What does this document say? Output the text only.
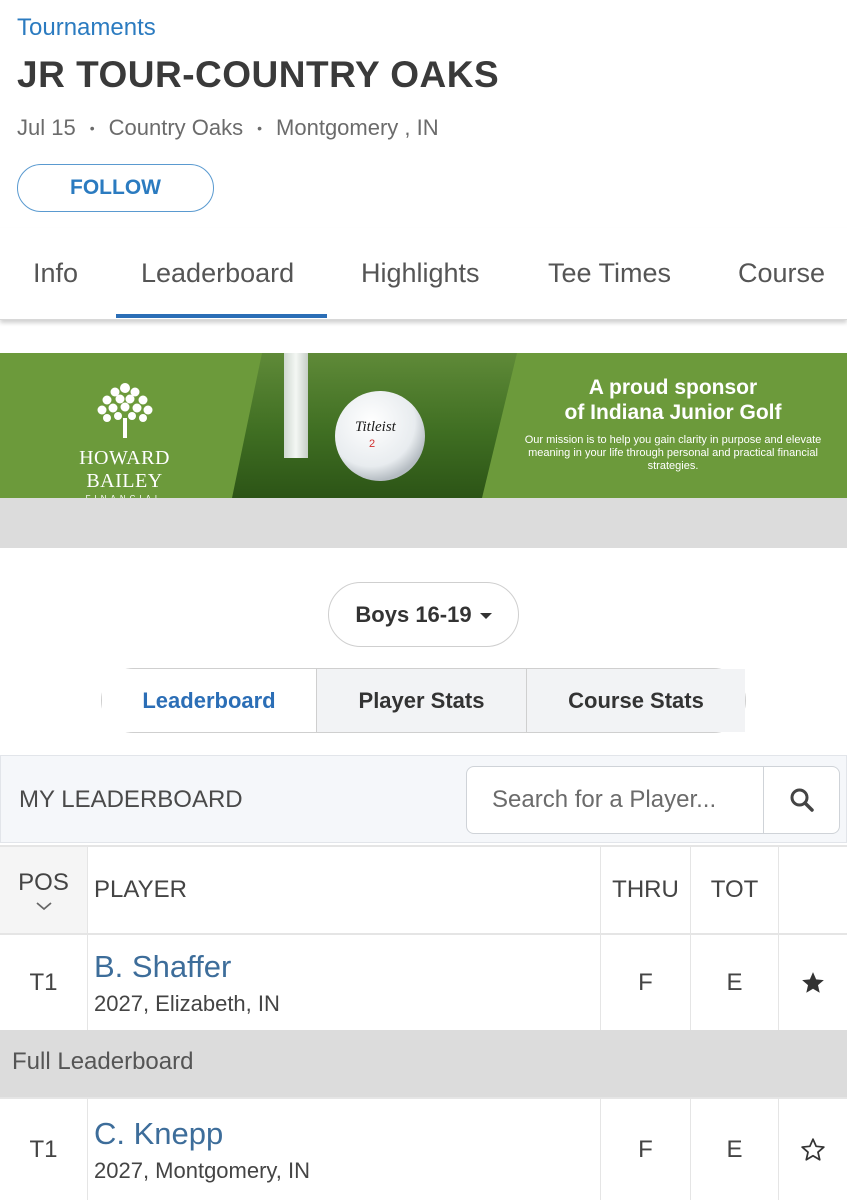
Tournaments
JR TOUR-COUNTRY OAKS
Jul 15 • Country Oaks • Montgomery , IN
FOLLOW
Info Leaderboard Highlights	Tee Times Course
HOWARD BAILEY
A proud sponsor
of Indiana Junior Golf
Our mission is to help you gain clarity in purpose and elevate meaning in your life through personal and practical financial strategies.
Titleist
2
Boys 16-19
Leaderboard	Player Stats	Course Stats
MY LEADERBOARD
Search for a Player...
POS PLAYER	THRU	TOT
T1	B. Shaffer
2027, Elizabeth, IN
F	E
Full Leaderboard
T1	C. Knepp
2027, Montgomery, IN
F	E
